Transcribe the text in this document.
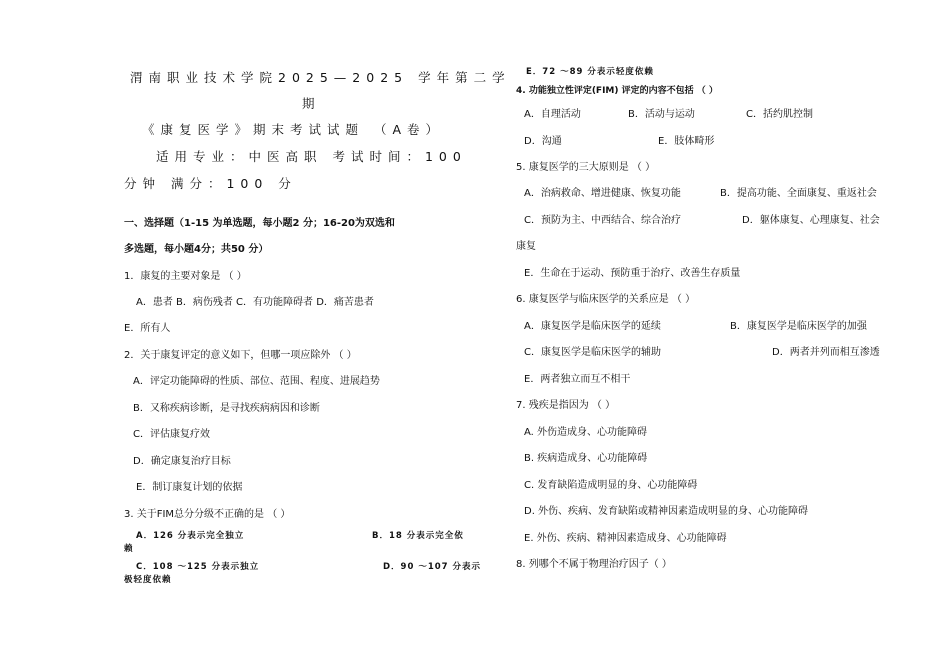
渭南职业技术学院2025—2025 学年第二学
期
《康复医学》期末考试试题 （A卷）
适用专业：中医高职 考试时间：100
分钟 满分：100 分
一、选择题（1-15 为单选题，每小题2 分；16-20为双选和
多选题，每小题4分；共50 分）
1．康复的主要对象是 （ ）
A．患者 B．病伤残者 C．有功能障碍者 D．痛苦患者
E．所有人
2．关于康复评定的意义如下，但哪一项应除外 （ ）
A．评定功能障碍的性质、部位、范围、程度、进展趋势
B．又称疾病诊断，是寻找疾病病因和诊断
C．评估康复疗效
D．确定康复治疗目标
E．制订康复计划的依据
3. 关于FIM总分分级不正确的是 （ ）
A．126 分表示完全独立	B．18 分表示完全依
赖
C．108 ～125 分表示独立	D．90 ～107 分表示
极轻度依赖
E．72 ～89 分表示轻度依赖
4. 功能独立性评定(FIM) 评定的内容不包括 （ ）
A．自理活动	B．活动与运动	C．括约肌控制
D．沟通	E．肢体畸形
5. 康复医学的三大原则是 （ ）
A．治病救命、增进健康、恢复功能	B．提高功能、全面康复、重返社会
C．预防为主、中西结合、综合治疗	D．躯体康复、心理康复、社会
康复
E．生命在于运动、预防重于治疗、改善生存质量
6. 康复医学与临床医学的关系应是 （ ）
A．康复医学是临床医学的延续	B．康复医学是临床医学的加强
C．康复医学是临床医学的辅助	D．两者并列而相互渗透
E．两者独立而互不相干
7. 残疾是指因为 （ ）
A. 外伤造成身、心功能障碍
B. 疾病造成身、心功能障碍
C. 发育缺陷造成明显的身、心功能障碍
D. 外伤、疾病、发育缺陷或精神因素造成明显的身、心功能障碍
E. 外伤、疾病、精神因素造成身、心功能障碍
8. 列哪个不属于物理治疗因子（ ）
